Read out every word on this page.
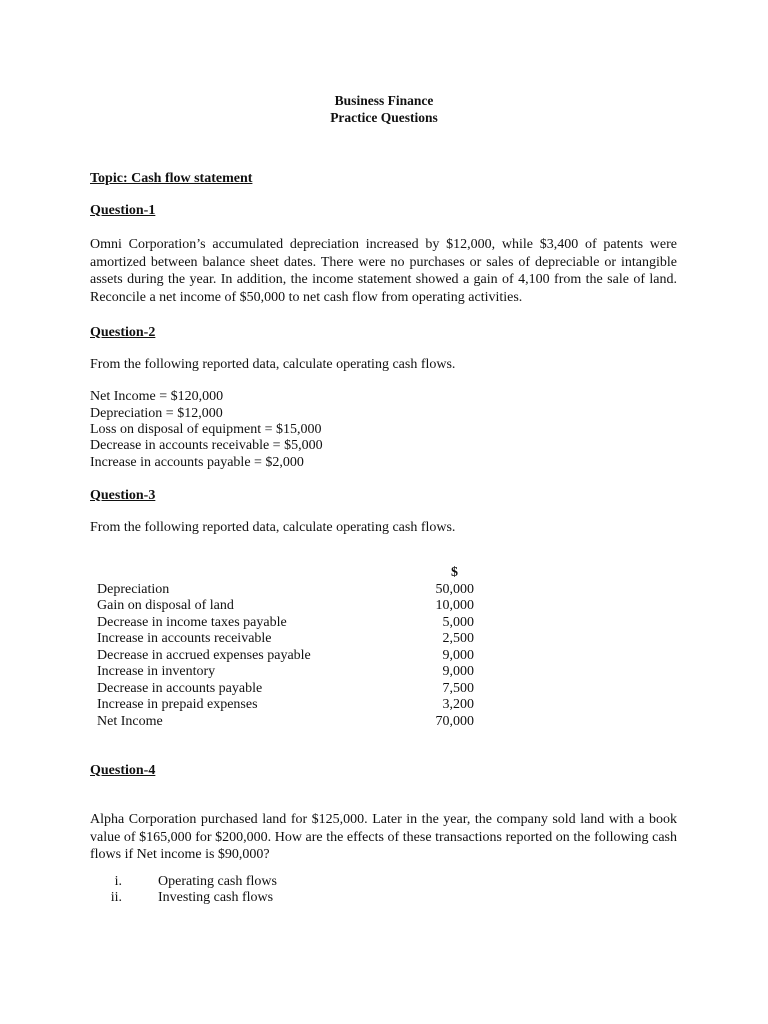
Business Finance
Practice Questions
Topic: Cash flow statement
Question-1
Omni Corporation’s accumulated depreciation increased by $12,000, while $3,400 of patents were amortized between balance sheet dates. There were no purchases or sales of depreciable or intangible assets during the year. In addition, the income statement showed a gain of 4,100 from the sale of land. Reconcile a net income of $50,000 to net cash flow from operating activities.
Question-2
From the following reported data, calculate operating cash flows.
Net Income = $120,000
Depreciation = $12,000
Loss on disposal of equipment = $15,000
Decrease in accounts receivable = $5,000
Increase in accounts payable = $2,000
Question-3
From the following reported data, calculate operating cash flows.
$
Depreciation	50,000
Gain on disposal of land	10,000
Decrease in income taxes payable	5,000
Increase in accounts receivable	2,500
Decrease in accrued expenses payable	9,000
Increase in inventory	9,000
Decrease in accounts payable	7,500
Increase in prepaid expenses	3,200
Net Income	70,000
Question-4
Alpha Corporation purchased land for $125,000. Later in the year, the company sold land with a book value of $165,000 for $200,000. How are the effects of these transactions reported on the following cash flows if Net income is $90,000?
i.	Operating cash flows
ii.	Investing cash flows
